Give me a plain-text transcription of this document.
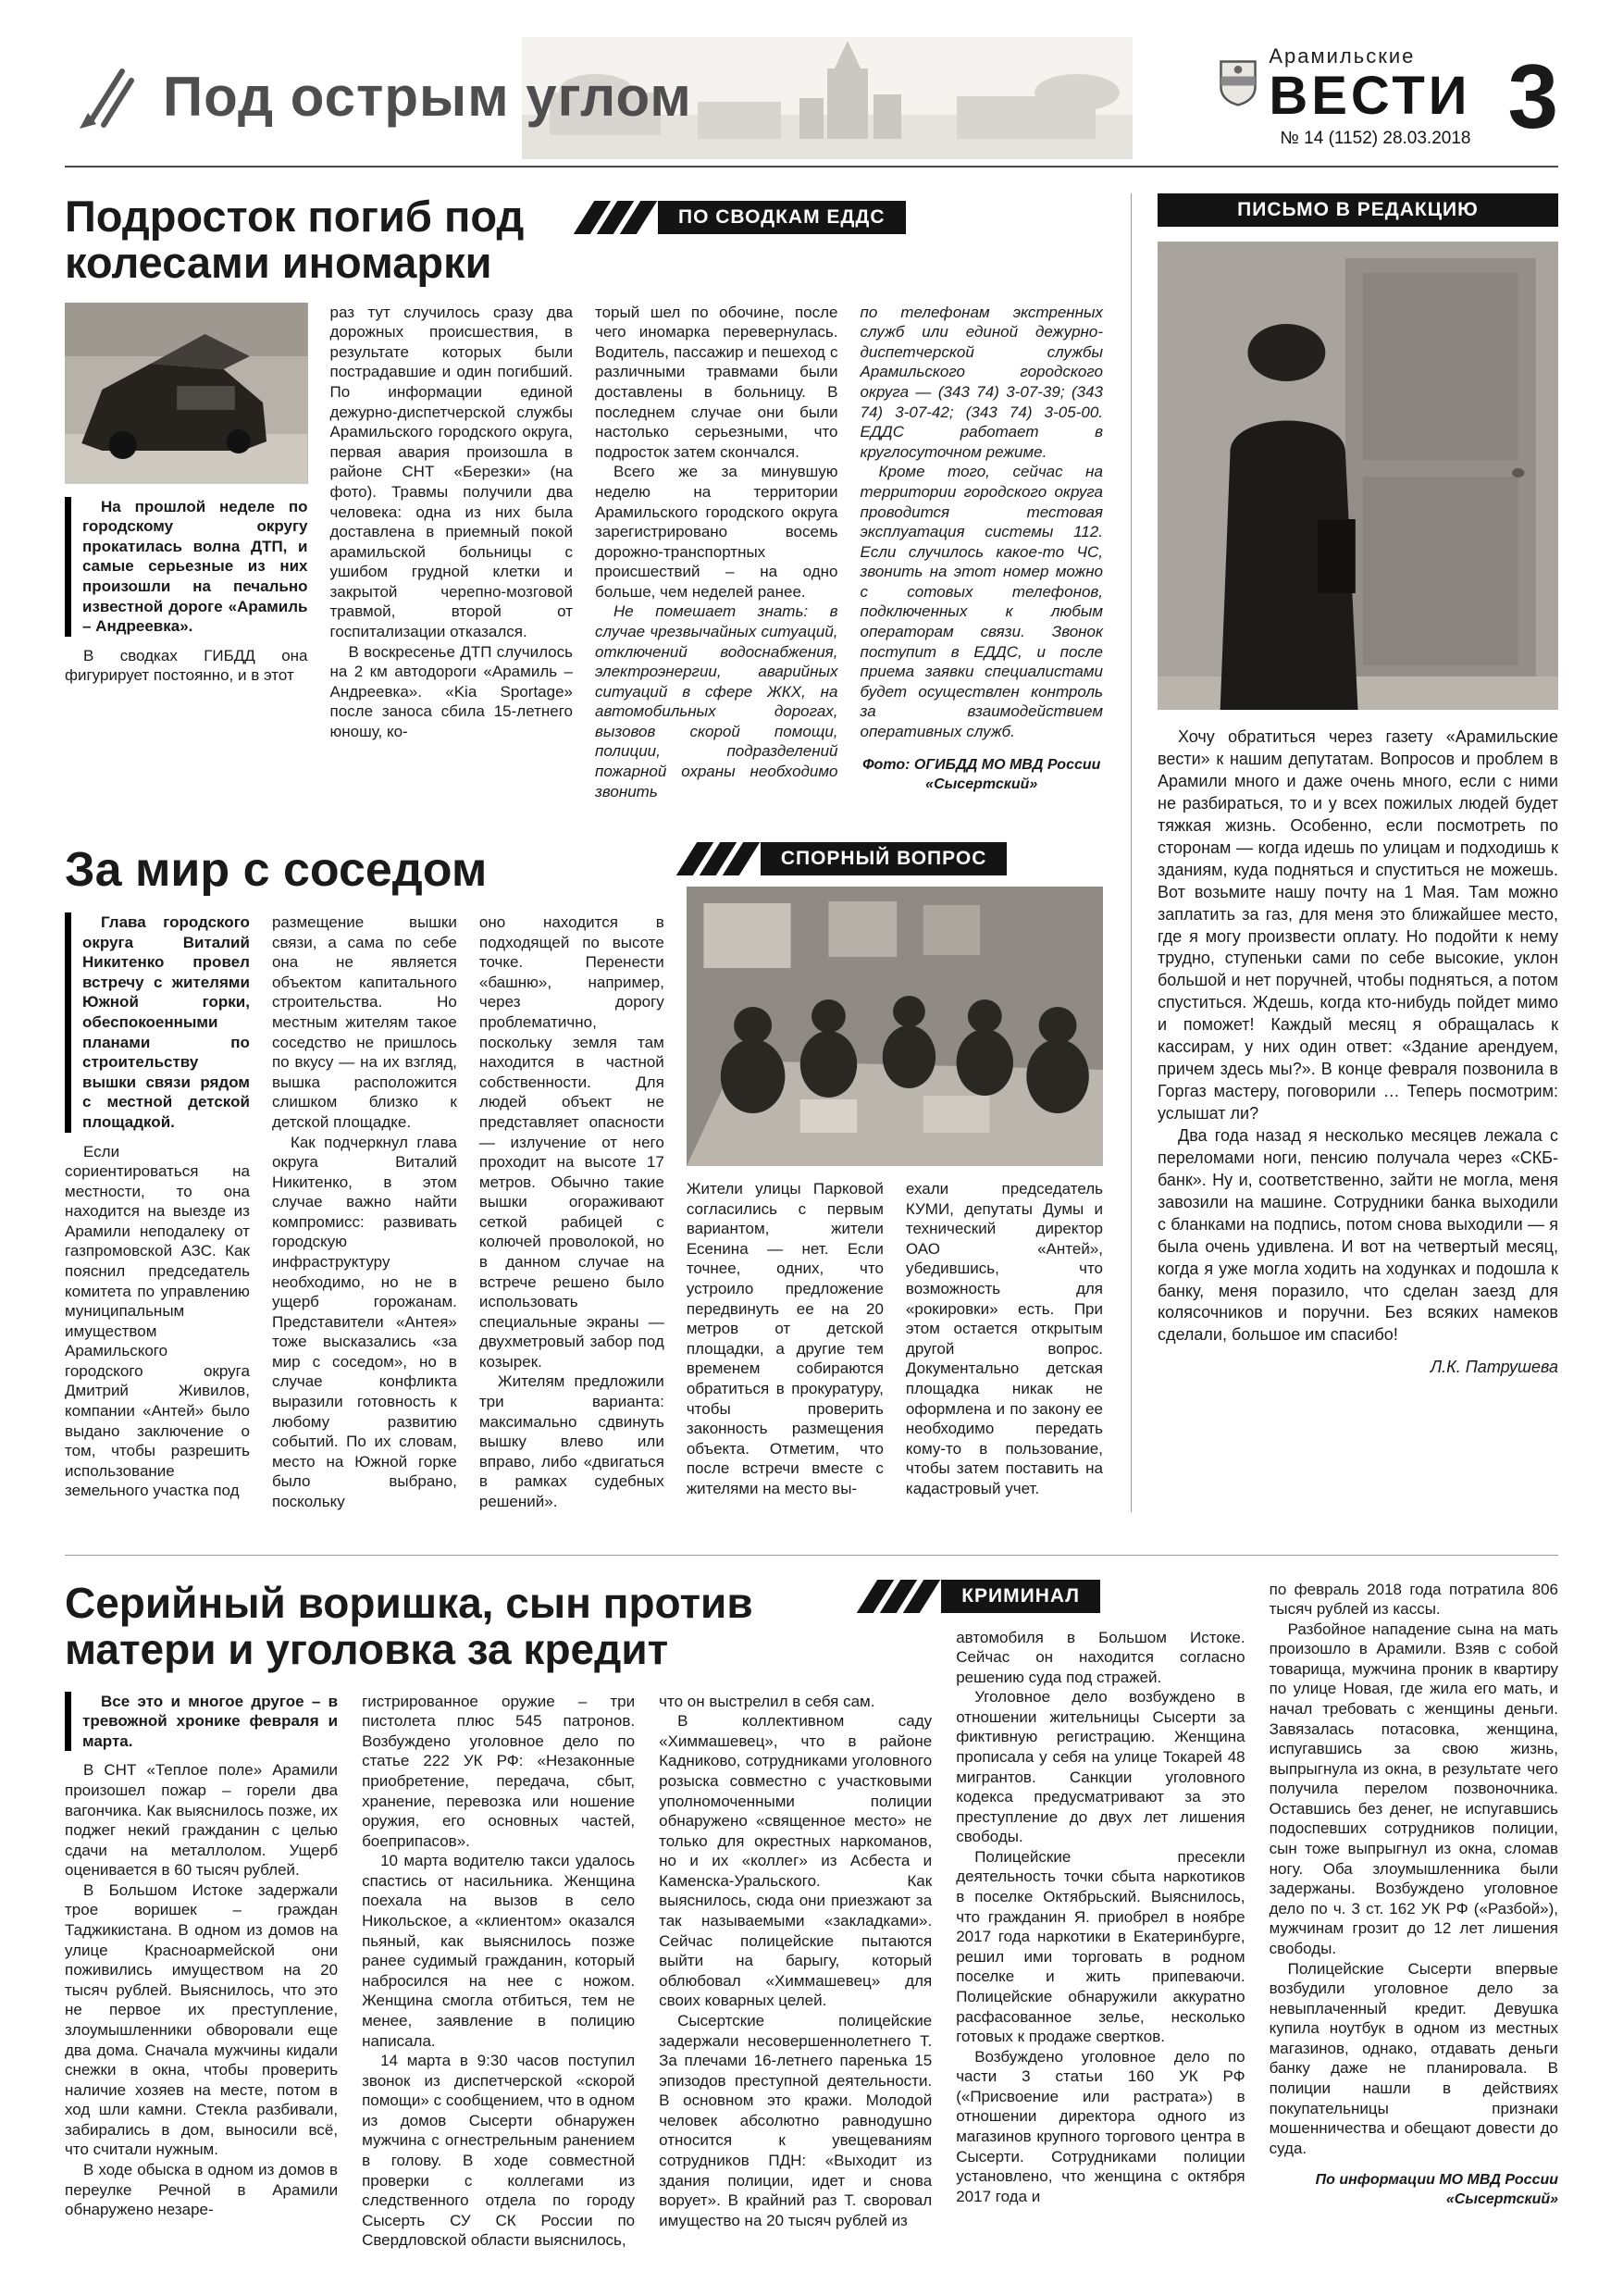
Под острым углом
Арамильские
ВЕСТИ
№ 14 (1152) 28.03.2018 3
Подросток погиб под колесами иномарки
ПО СВОДКАМ ЕДДС

На прошлой неделе по городскому округу прокатилась волна ДТП, и самые серьезные из них произошли на печально известной дороге «Арамиль – Андреевка».

В сводках ГИБДД она фигурирует постоянно, и в этот

раз тут случилось сразу два дорожных происшествия, в результате которых были пострадавшие и один погибший. По информации единой дежурно-диспетчерской службы Арамильского городского округа, первая авария произошла в районе СНТ «Березки» (на фото). Травмы получили два человека: одна из них была доставлена в приемный покой арамильской больницы с ушибом грудной клетки и закрытой черепно-мозговой травмой, второй от госпитализации отказался.

В воскресенье ДТП случилось на 2 км автодороги «Арамиль – Андреевка». «Kia Sportage» после заноса сбила 15-летнего юношу, ко-

торый шел по обочине, после чего иномарка перевернулась. Водитель, пассажир и пешеход с различными травмами были доставлены в больницу. В последнем случае они были настолько серьезными, что подросток затем скончался.

Всего же за минувшую неделю на территории Арамильского городского округа зарегистрировано восемь дорожно-транспортных происшествий – на одно больше, чем неделей ранее.

Не помешает знать: в случае чрезвычайных ситуаций, отключений водоснабжения, электроэнергии, аварийных ситуаций в сфере ЖКХ, на автомобильных дорогах, вызовов скорой помощи, полиции, подразделений пожарной охраны необходимо звонить

по телефонам экстренных служб или единой дежурно-диспетчерской службы Арамильского городского округа — (343 74) 3-07-39; (343 74) 3-07-42; (343 74) 3-05-00. ЕДДС работает в круглосуточном режиме.

Кроме того, сейчас на территории городского округа проводится тестовая эксплуатация системы 112. Если случилось какое-то ЧС, звонить на этот номер можно с сотовых телефонов, подключенных к любым операторам связи. Звонок поступит в ЕДДС, и после приема заявки специалистами будет осуществлен контроль за взаимодействием оперативных служб.

Фото: ОГИБДД МО МВД России «Сысертский»
За мир с соседом

Глава городского округа Виталий Никитенко провел встречу с жителями Южной горки, обеспокоенными планами по строительству вышки связи рядом с местной детской площадкой.

Если сориентироваться на местности, то она находится на выезде из Арамили неподалеку от газпромовской АЗС. Как пояснил председатель комитета по управлению муниципальным имуществом Арамильского городского округа Дмитрий Живилов, компании «Антей» было выдано заключение о том, чтобы разрешить использование земельного участка под

размещение вышки связи, а сама по себе она не является объектом капитального строительства. Но местным жителям такое соседство не пришлось по вкусу — на их взгляд, вышка расположится слишком близко к детской площадке.

Как подчеркнул глава округа Виталий Никитенко, в этом случае важно найти компромисс: развивать городскую инфраструктуру необходимо, но не в ущерб горожанам. Представители «Антея» тоже высказались «за мир с соседом», но в случае конфликта выразили готовность к любому развитию событий. По их словам, место на Южной горке было выбрано, поскольку

оно находится в подходящей по высоте точке. Перенести «башню», например, через дорогу проблематично, поскольку земля там находится в частной собственности. Для людей объект не представляет опасности — излучение от него проходит на высоте 17 метров. Обычно такие вышки огораживают сеткой рабицей с колючей проволокой, но в данном случае на встрече решено было использовать специальные экраны — двухметровый забор под козырек.

Жителям предложили три варианта: максимально сдвинуть вышку влево или вправо, либо «двигаться в рамках судебных решений».

СПОРНЫЙ ВОПРОС

Жители улицы Парковой согласились с первым вариантом, жители Есенина — нет. Если точнее, одних, что устроило предложение передвинуть ее на 20 метров от детской площадки, а другие тем временем собираются обратиться в прокуратуру, чтобы проверить законность размещения объекта. Отметим, что после встречи вместе с жителями на место вы-

ехали председатель КУМИ, депутаты Думы и технический директор ОАО «Антей», убедившись, что возможность для «рокировки» есть. При этом остается открытым другой вопрос. Документально детская площадка никак не оформлена и по закону ее необходимо передать кому-то в пользование, чтобы затем поставить на кадастровый учет.

ПИСЬМО В РЕДАКЦИЮ

Хочу обратиться через газету «Арамильские вести» к нашим депутатам. Вопросов и проблем в Арамили много и даже очень много, если с ними не разбираться, то и у всех пожилых людей будет тяжкая жизнь. Особенно, если посмотреть по сторонам — когда идешь по улицам и подходишь к зданиям, куда подняться и спуститься не можешь. Вот возьмите нашу почту на 1 Мая. Там можно заплатить за газ, для меня это ближайшее место, где я могу произвести оплату. Но подойти к нему трудно, ступеньки сами по себе высокие, уклон большой и нет поручней, чтобы подняться, а потом спуститься. Ждешь, когда кто-нибудь пойдет мимо и поможет! Каждый месяц я обращалась к кассирам, у них один ответ: «Здание арендуем, причем здесь мы?». В конце февраля позвонила в Горгаз мастеру, поговорили … Теперь посмотрим: услышат ли?

Два года назад я несколько месяцев лежала с переломами ноги, пенсию получала через «СКБ-банк». Ну и, соответственно, зайти не могла, меня завозили на машине. Сотрудники банка выходили с бланками на подпись, потом снова выходили — я была очень удивлена. И вот на четвертый месяц, когда я уже могла ходить на ходунках и подошла к банку, меня поразило, что сделан заезд для колясочников и поручни. Без всяких намеков сделали, большое им спасибо!

Л.К. Патрушева
Серийный воришка, сын против матери и уголовка за кредит

Все это и многое другое – в тревожной хронике февраля и марта.

В СНТ «Теплое поле» Арамили произошел пожар – горели два вагончика. Как выяснилось позже, их поджег некий гражданин с целью сдачи на металлолом. Ущерб оценивается в 60 тысяч рублей.

В Большом Истоке задержали трое воришек – граждан Таджикистана. В одном из домов на улице Красноармейской они поживились имуществом на 20 тысяч рублей. Выяснилось, что это не первое их преступление, злоумышленники обворовали еще два дома. Сначала мужчины кидали снежки в окна, чтобы проверить наличие хозяев на месте, потом в ход шли камни. Стекла разбивали, забирались в дом, выносили всё, что считали нужным.

В ходе обыска в одном из домов в переулке Речной в Арамили обнаружено незаре-

гистрированное оружие – три пистолета плюс 545 патронов. Возбуждено уголовное дело по статье 222 УК РФ: «Незаконные приобретение, передача, сбыт, хранение, перевозка или ношение оружия, его основных частей, боеприпасов».

10 марта водителю такси удалось спастись от насильника. Женщина поехала на вызов в село Никольское, а «клиентом» оказался пьяный, как выяснилось позже ранее судимый гражданин, который набросился на нее с ножом. Женщина смогла отбиться, тем не менее, заявление в полицию написала.

14 марта в 9:30 часов поступил звонок из диспетчерской «скорой помощи» с сообщением, что в одном из домов Сысерти обнаружен мужчина с огнестрельным ранением в голову. В ходе совместной проверки с коллегами из следственного отдела по городу Сысерть СУ СК России по Свердловской области выяснилось,

что он выстрелил в себя сам.

В коллективном саду «Химмашевец», что в районе Кадниково, сотрудниками уголовного розыска совместно с участковыми уполномоченными полиции обнаружено «священное место» не только для окрестных наркоманов, но и их «коллег» из Асбеста и Каменска-Уральского. Как выяснилось, сюда они приезжают за так называемыми «закладками». Сейчас полицейские пытаются выйти на барыгу, который облюбовал «Химмашевец» для своих коварных целей.

Сысертские полицейские задержали несовершеннолетнего Т. За плечами 16-летнего паренька 15 эпизодов преступной деятельности. В основном это кражи. Молодой человек абсолютно равнодушно относится к увещеваниям сотрудников ПДН: «Выходит из здания полиции, идет и снова ворует». В крайний раз Т. своровал имущество на 20 тысяч рублей из

КРИМИНАЛ

автомобиля в Большом Истоке. Сейчас он находится согласно решению суда под стражей.

Уголовное дело возбуждено в отношении жительницы Сысерти за фиктивную регистрацию. Женщина прописала у себя на улице Токарей 48 мигрантов. Санкции уголовного кодекса предусматривают за это преступление до двух лет лишения свободы.

Полицейские пресекли деятельность точки сбыта наркотиков в поселке Октябрьский. Выяснилось, что гражданин Я. приобрел в ноябре 2017 года наркотики в Екатеринбурге, решил ими торговать в родном поселке и жить припеваючи. Полицейские обнаружили аккуратно расфасованное зелье, несколько готовых к продаже свертков.

Возбуждено уголовное дело по части 3 статьи 160 УК РФ («Присвоение или растрата») в отношении директора одного из магазинов крупного торгового центра в Сысерти. Сотрудниками полиции установлено, что женщина с октября 2017 года и

по февраль 2018 года потратила 806 тысяч рублей из кассы.

Разбойное нападение сына на мать произошло в Арамили. Взяв с собой товарища, мужчина проник в квартиру по улице Новая, где жила его мать, и начал требовать с женщины деньги. Завязалась потасовка, женщина, испугавшись за свою жизнь, выпрыгнула из окна, в результате чего получила перелом позвоночника. Оставшись без денег, не испугавшись подоспевших сотрудников полиции, сын тоже выпрыгнул из окна, сломав ногу. Оба злоумышленника были задержаны. Возбуждено уголовное дело по ч. 3 ст. 162 УК РФ («Разбой»), мужчинам грозит до 12 лет лишения свободы.

Полицейские Сысерти впервые возбудили уголовное дело за невыплаченный кредит. Девушка купила ноутбук в одном из местных магазинов, однако, отдавать деньги банку даже не планировала. В полиции нашли в действиях покупательницы признаки мошенничества и обещают довести до суда.

По информации МО МВД России «Сысертский»
